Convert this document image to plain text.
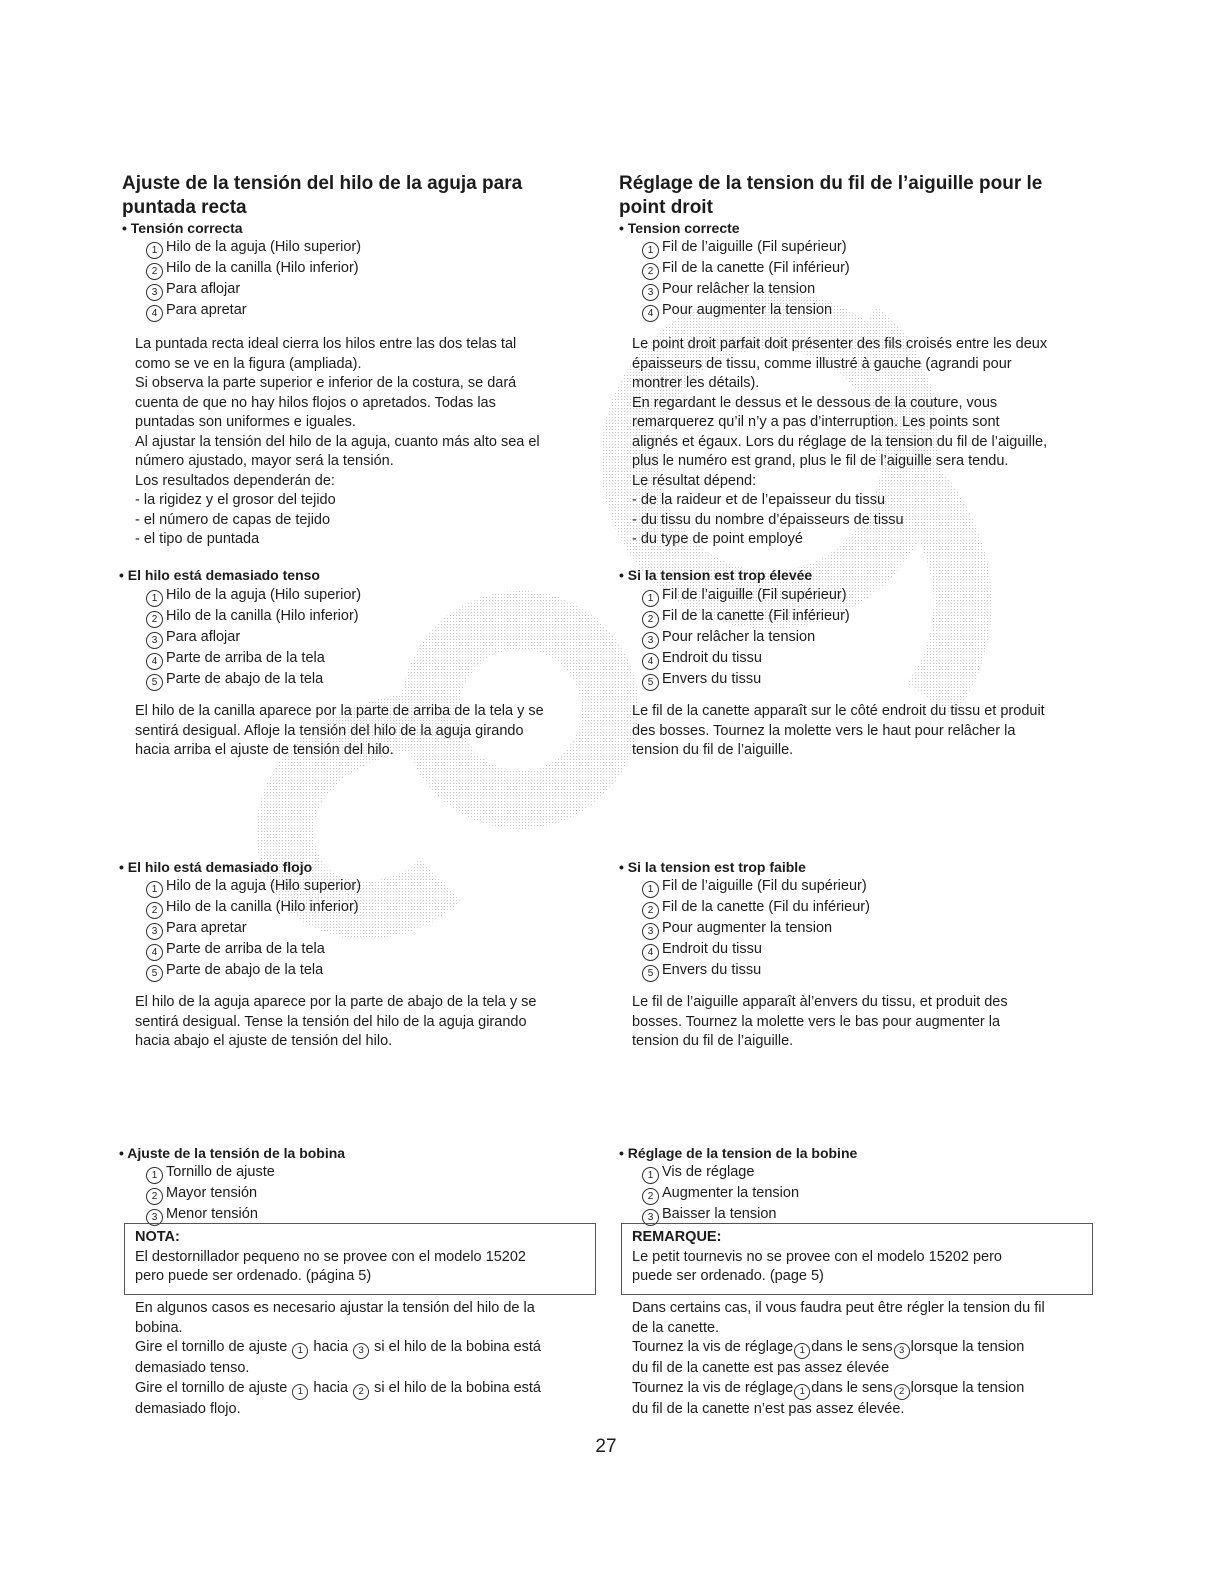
Ajuste de la tensión del hilo de la aguja para
puntada recta

• Tensión correcta

1 Hilo de la aguja (Hilo superior)
2 Hilo de la canilla (Hilo inferior)
3 Para aflojar
4 Para apretar
La puntada recta ideal cierra los hilos entre las dos telas tal
como se ve en la figura (ampliada).
Si observa la parte superior e inferior de la costura, se dará
cuenta de que no hay hilos flojos o apretados. Todas las
puntadas son uniformes e iguales.
Al ajustar la tensión del hilo de la aguja, cuanto más alto sea el
número ajustado, mayor será la tensión.
Los resultados dependerán de:
- la rigidez y el grosor del tejido
- el número de capas de tejido
- el tipo de puntada

• El hilo está demasiado tenso

1 Hilo de la aguja (Hilo superior)
2 Hilo de la canilla (Hilo inferior)
3 Para aflojar
4 Parte de arriba de la tela
5 Parte de abajo de la tela
El hilo de la canilla aparece por la parte de arriba de la tela y se
sentirá desigual. Afloje la tensión del hilo de la aguja girando
hacia arriba el ajuste de tensión del hilo.

• El hilo está demasiado flojo

1 Hilo de la aguja (Hilo superior)
2 Hilo de la canilla (Hilo inferior)
3 Para apretar
4 Parte de arriba de la tela
5 Parte de abajo de la tela
El hilo de la aguja aparece por la parte de abajo de la tela y se
sentirá desigual. Tense la tensión del hilo de la aguja girando
hacia abajo el ajuste de tensión del hilo.

• Ajuste de la tensión de la bobina

1 Tornillo de ajuste
2 Mayor tensión
3 Menor tensión
NOTA:
El destornillador pequeno no se provee con el modelo 15202
pero puede ser ordenado. (página 5)
En algunos casos es necesario ajustar la tensión del hilo de la
bobina.
Gire el tornillo de ajuste 1 hacia 3 si el hilo de la bobina está
demasiado tenso.
Gire el tornillo de ajuste 1 hacia 2 si el hilo de la bobina está
demasiado flojo.
Réglage de la tension du fil de l’aiguille pour le
point droit

• Tension correcte

1 Fil de l’aiguille (Fil supérieur)
2 Fil de la canette (Fil inférieur)
3 Pour relâcher la tension
4 Pour augmenter la tension
Le point droit parfait doit présenter des fils croisés entre les deux
épaisseurs de tissu, comme illustré à gauche (agrandi pour
montrer les détails).
En regardant le dessus et le dessous de la couture, vous
remarquerez qu’il n’y a pas d’interruption. Les points sont
alignés et égaux. Lors du réglage de la tension du fil de l’aiguille,
plus le numéro est grand, plus le fil de l’aiguille sera tendu.
Le résultat dépend:
- de la raideur et de l’epaisseur du tissu
- du tissu du nombre d’épaisseurs de tissu
- du type de point employé

• Si la tension est trop élevée

1 Fil de l’aiguille (Fil supérieur)
2 Fil de la canette (Fil inférieur)
3 Pour relâcher la tension
4 Endroit du tissu
5 Envers du tissu
Le fil de la canette apparaît sur le côté endroit du tissu et produit
des bosses. Tournez la molette vers le haut pour relâcher la
tension du fil de l’aiguille.

• Si la tension est trop faible

1 Fil de l’aiguille (Fil du supérieur)
2 Fil de la canette (Fil du inférieur)
3 Pour augmenter la tension
4 Endroit du tissu
5 Envers du tissu
Le fil de l’aiguille apparaît àl’envers du tissu, et produit des
bosses. Tournez la molette vers le bas pour augmenter la
tension du fil de l’aiguille.

• Réglage de la tension de la bobine

1 Vis de réglage
2 Augmenter la tension
3 Baisser la tension
REMARQUE:
Le petit tournevis no se provee con el modelo 15202 pero
puede ser ordenado. (page 5)
Dans certains cas, il vous faudra peut être régler la tension du fil
de la canette.
Tournez la vis de réglage 1 dans le sens 3 lorsque la tension
du fil de la canette est pas assez élevée
Tournez la vis de réglage 1 dans le sens 2 lorsque la tension
du fil de la canette n’est pas assez élevée.
27
